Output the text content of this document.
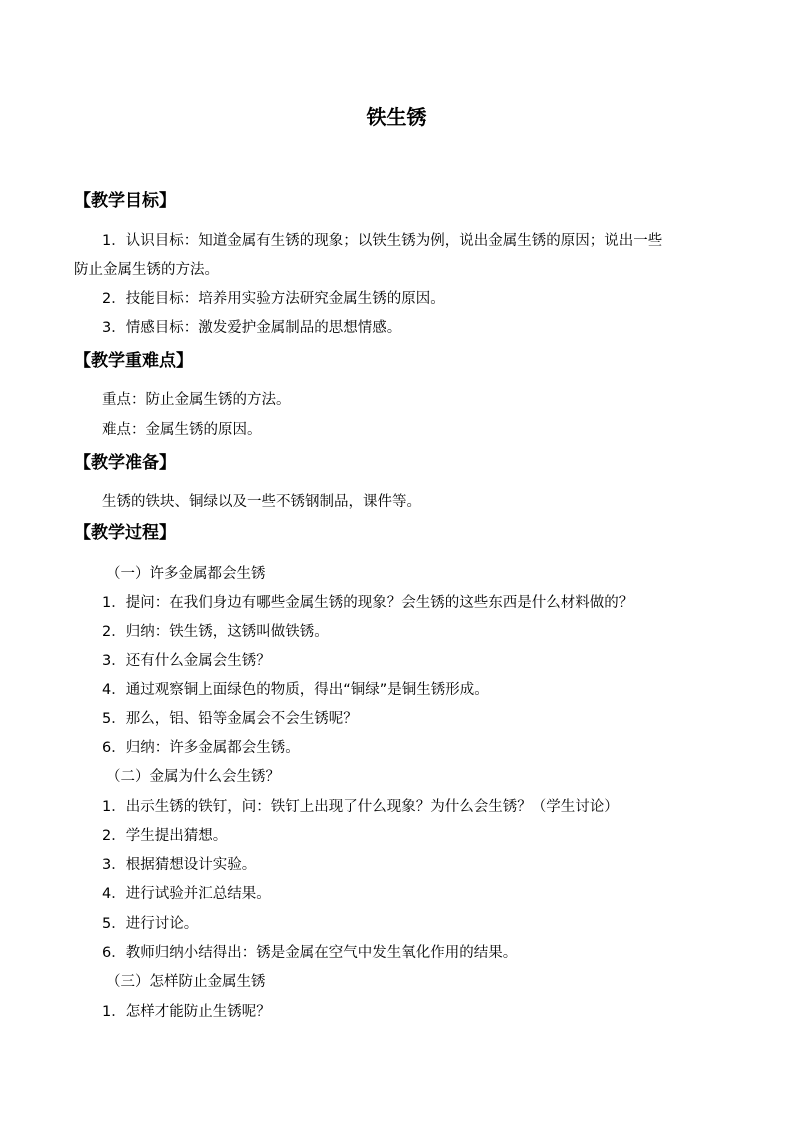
铁生锈
【教学目标】
1．认识目标：知道金属有生锈的现象；以铁生锈为例，说出金属生锈的原因；说出一些
防止金属生锈的方法。
2．技能目标：培养用实验方法研究金属生锈的原因。
3．情感目标：激发爱护金属制品的思想情感。
【教学重难点】
重点：防止金属生锈的方法。
难点：金属生锈的原因。
【教学准备】
生锈的铁块、铜绿以及一些不锈钢制品，课件等。
【教学过程】
（一）许多金属都会生锈
1．提问：在我们身边有哪些金属生锈的现象？会生锈的这些东西是什么材料做的？
2．归纳：铁生锈，这锈叫做铁锈。
3．还有什么金属会生锈？
4．通过观察铜上面绿色的物质，得出“铜绿”是铜生锈形成。
5．那么，铝、铅等金属会不会生锈呢？
6．归纳：许多金属都会生锈。
（二）金属为什么会生锈？
1．出示生锈的铁钉，问：铁钉上出现了什么现象？为什么会生锈？（学生讨论）
2．学生提出猜想。
3．根据猜想设计实验。
4．进行试验并汇总结果。
5．进行讨论。
6．教师归纳小结得出：锈是金属在空气中发生氧化作用的结果。
（三）怎样防止金属生锈
1．怎样才能防止生锈呢？
